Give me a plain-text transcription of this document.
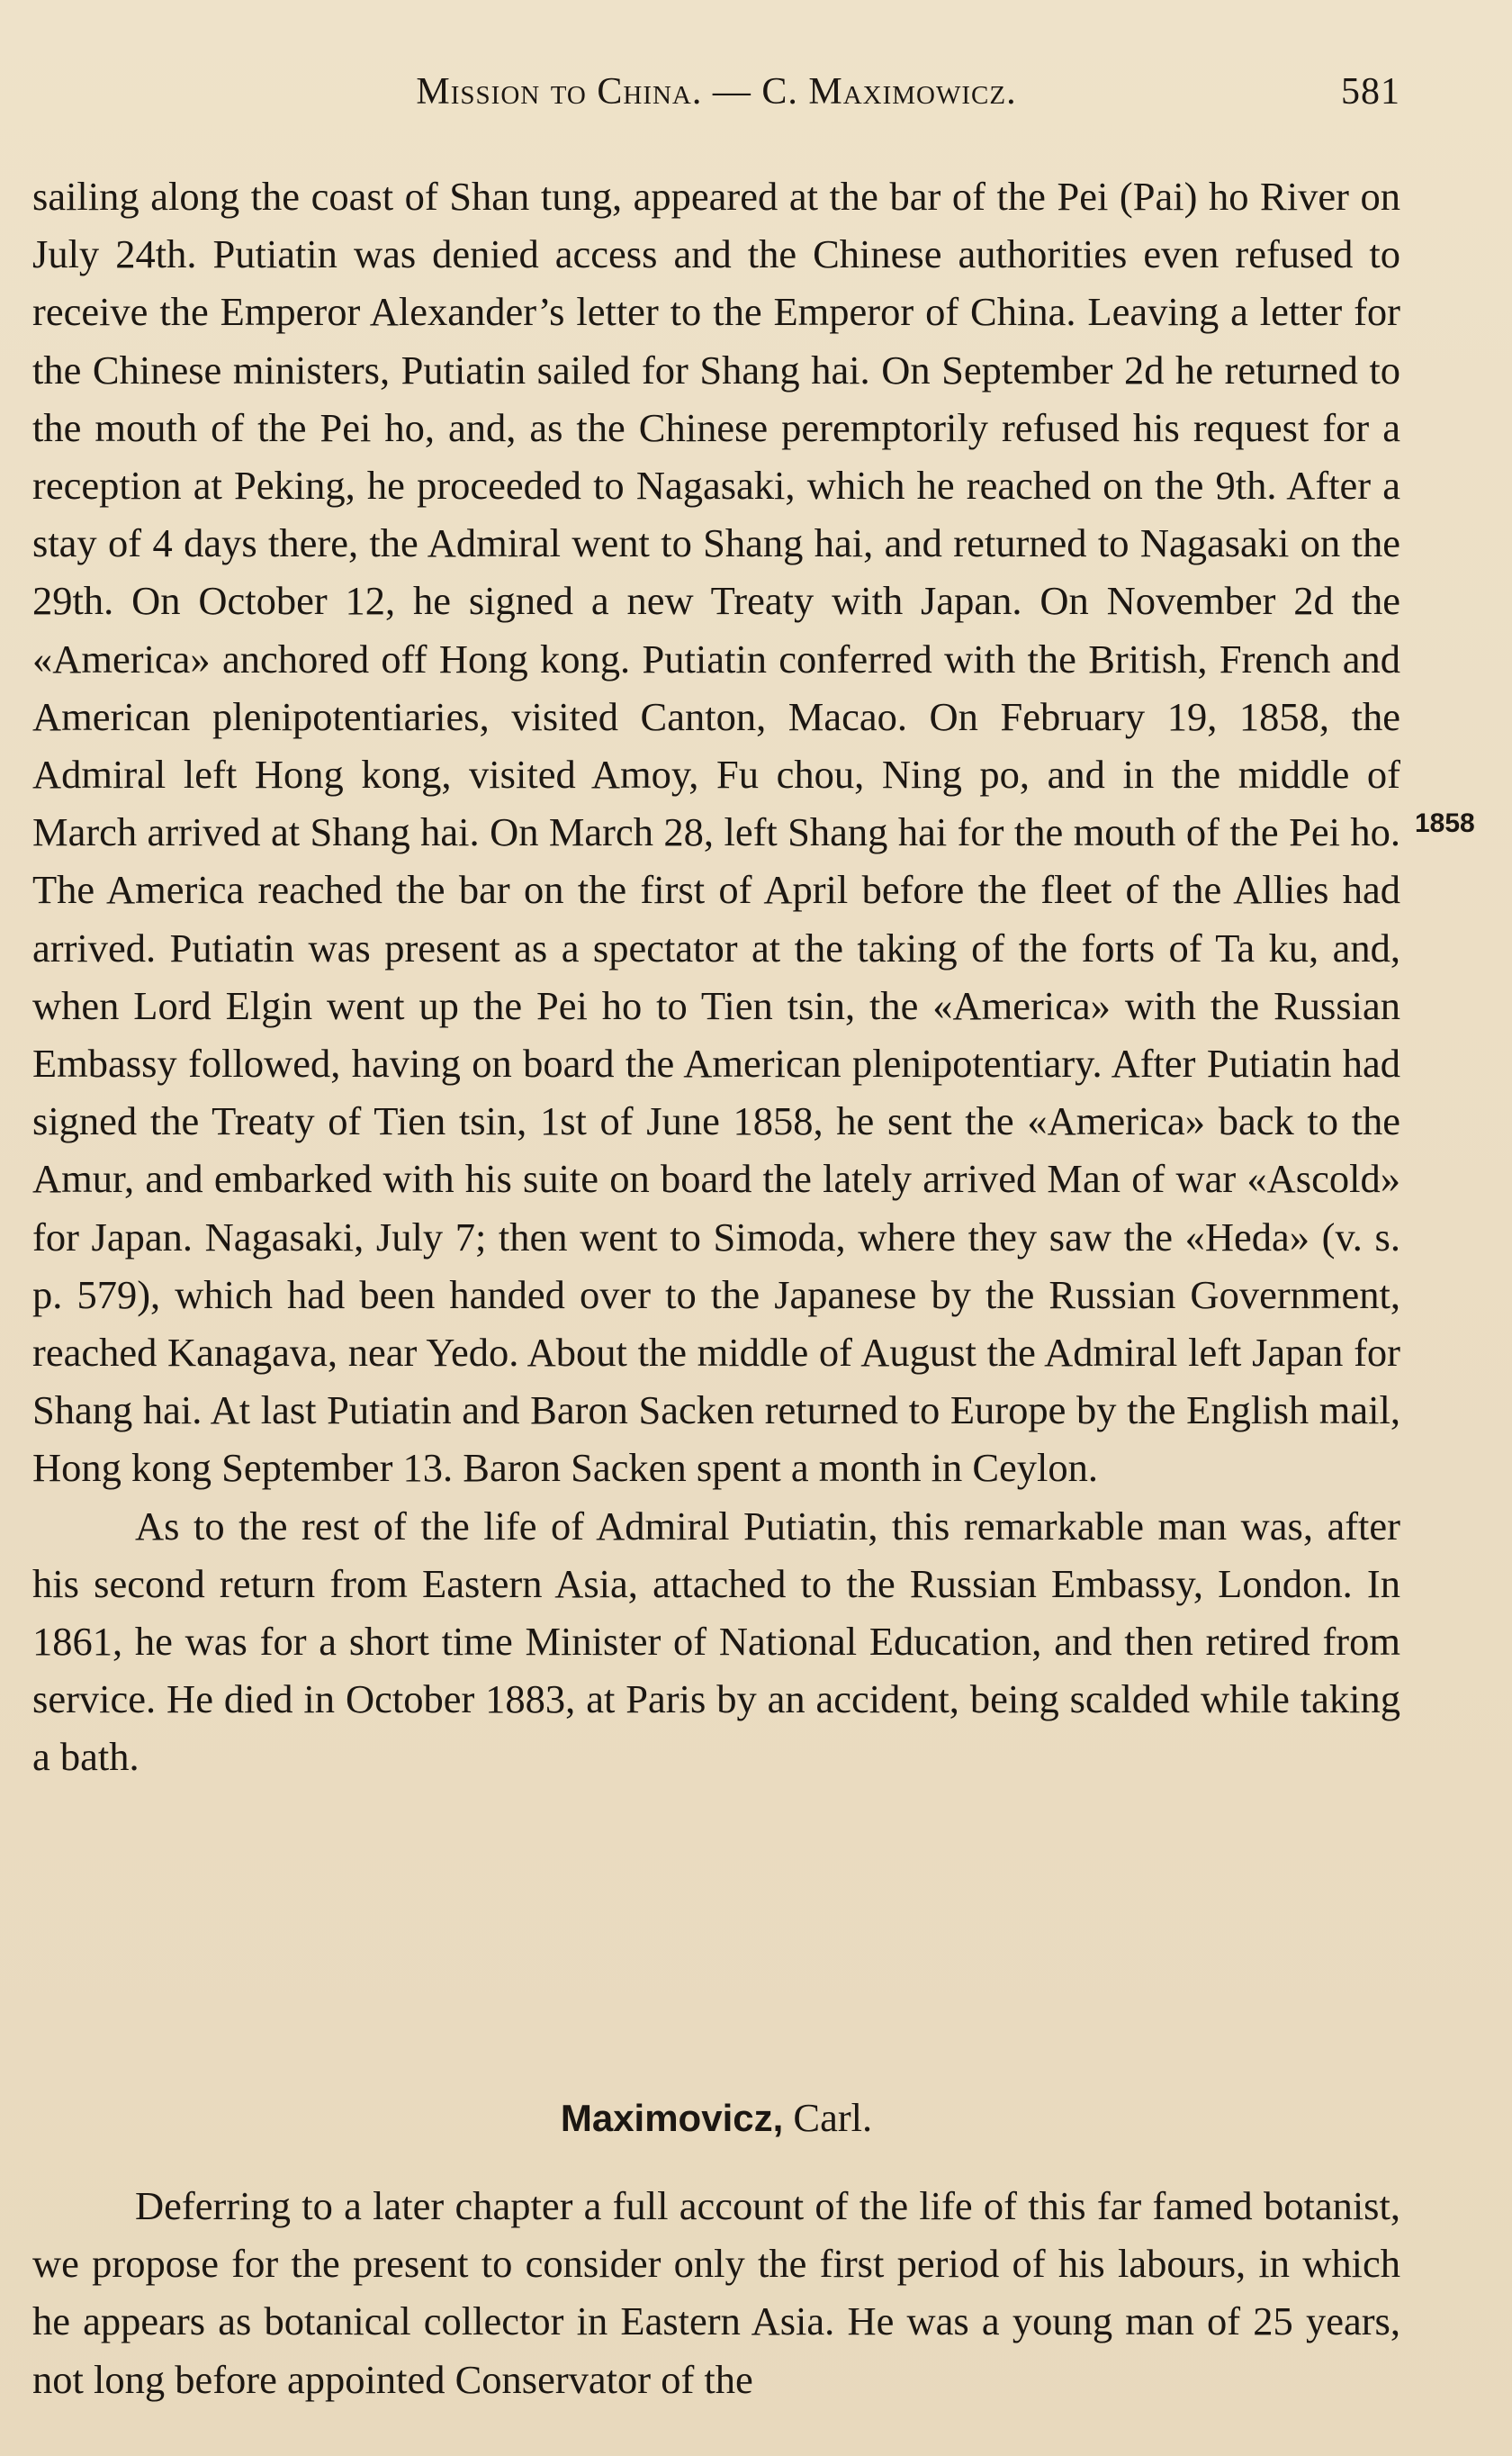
Mission to China. — C. Maximowicz.	581

sailing along the coast of Shan tung, appeared at the bar of the Pei (Pai) ho River on July 24th. Putiatin was denied access and the Chinese authorities even refused to receive the Emperor Alexander’s letter to the Emperor of China. Leaving a letter for the Chinese ministers, Putiatin sailed for Shang hai. On September 2d he returned to the mouth of the Pei ho, and, as the Chinese peremptorily refused his request for a reception at Peking, he proceeded to Nagasaki, which he reached on the 9th. After a stay of 4 days there, the Admiral went to Shang hai, and returned to Nagasaki on the 29th. On October 12, he signed a new Treaty with Japan. On November 2d the «America» anchored off Hong kong. Putiatin conferred with the British, French and American plenipotentiaries, visited Canton, Macao. On February 19, 1858, the Admiral left Hong kong, visited Amoy, Fu chou, Ning po, and in the middle of March arrived at Shang hai. On March 28, left Shang hai for the mouth of the Pei ho. The America reached the bar on the first of April before the fleet of the Allies had arrived. Putiatin was present as a spectator at the taking of the forts of Ta ku, and, when Lord Elgin went up the Pei ho to Tien tsin, the «America» with the Russian Embassy followed, having on board the American plenipotentiary. After Putiatin had signed the Treaty of Tien tsin, 1st of June 1858, he sent the «America» back to the Amur, and embarked with his suite on board the lately arrived Man of war «Ascold» for Japan. Nagasaki, July 7; then went to Simoda, where they saw the «Heda» (v. s. p. 579), which had been handed over to the Japanese by the Russian Government, reached Kanagava, near Yedo. About the middle of August the Admiral left Japan for Shang hai. At last Putiatin and Baron Sacken returned to Europe by the English mail, Hong kong September 13. Baron Sacken spent a month in Ceylon.

As to the rest of the life of Admiral Putiatin, this remarkable man was, after his second return from Eastern Asia, attached to the Russian Embassy, London. In 1861, he was for a short time Minister of National Education, and then retired from service. He died in October 1883, at Paris by an accident, being scalded while taking a bath.

1858
Maximovicz, Carl.

Deferring to a later chapter a full account of the life of this far famed botanist, we propose for the present to consider only the first period of his labours, in which he appears as botanical collector in Eastern Asia. He was a young man of 25 years, not long before appointed Conservator of the
